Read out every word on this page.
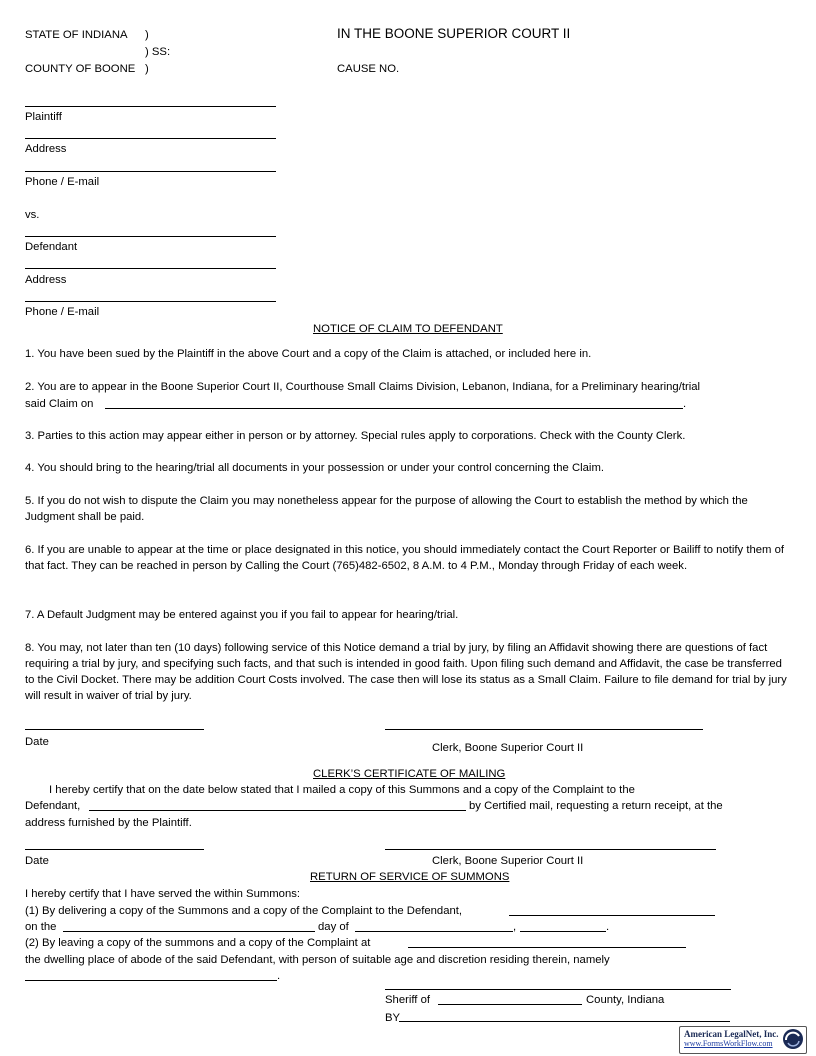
STATE OF INDIANA )
) SS:
COUNTY OF BOONE )
IN THE BOONE SUPERIOR COURT II
CAUSE NO.
Plaintiff
Address
Phone / E-mail
vs.
Defendant
Address
Phone / E-mail
NOTICE OF CLAIM TO DEFENDANT
1. You have been sued by the Plaintiff in the above Court and a copy of the Claim is attached, or included here in.
2. You are to appear in the Boone Superior Court II, Courthouse Small Claims Division, Lebanon, Indiana, for a Preliminary hearing/trial
said Claim on	.
3. Parties to this action may appear either in person or by attorney. Special rules apply to corporations. Check with the County Clerk.
4. You should bring to the hearing/trial all documents in your possession or under your control concerning the Claim.
5. If you do not wish to dispute the Claim you may nonetheless appear for the purpose of allowing the Court to establish the method by which the Judgment shall be paid.
6. If you are unable to appear at the time or place designated in this notice, you should immediately contact the Court Reporter or Bailiff to notify them of that fact. They can be reached in person by Calling the Court (765)482-6502, 8 A.M. to 4 P.M., Monday through Friday of each week.
7. A Default Judgment may be entered against you if you fail to appear for hearing/trial.
8. You may, not later than ten (10 days) following service of this Notice demand a trial by jury, by filing an Affidavit showing there are questions of fact requiring a trial by jury, and specifying such facts, and that such is intended in good faith. Upon filing such demand and Affidavit, the case be transferred to the Civil Docket. There may be addition Court Costs involved. The case then will lose its status as a Small Claim. Failure to file demand for trial by jury will result in waiver of trial by jury.
Date	Clerk, Boone Superior Court II
CLERK’S CERTIFICATE OF MAILING
I hereby certify that on the date below stated that I mailed a copy of this Summons and a copy of the Complaint to the
Defendant,	by Certified mail, requesting a return receipt, at the
address furnished by the Plaintiff.
Date	Clerk, Boone Superior Court II
RETURN OF SERVICE OF SUMMONS
I hereby certify that I have served the within Summons:
(1) By delivering a copy of the Summons and a copy of the Complaint to the Defendant,
on the	day of	,	.
(2) By leaving a copy of the summons and a copy of the Complaint at
the dwelling place of abode of the said Defendant, with person of suitable age and discretion residing therein, namely
.
Sheriff of	County, Indiana
BY
American LegalNet, Inc.
www.FormsWorkFlow.com
